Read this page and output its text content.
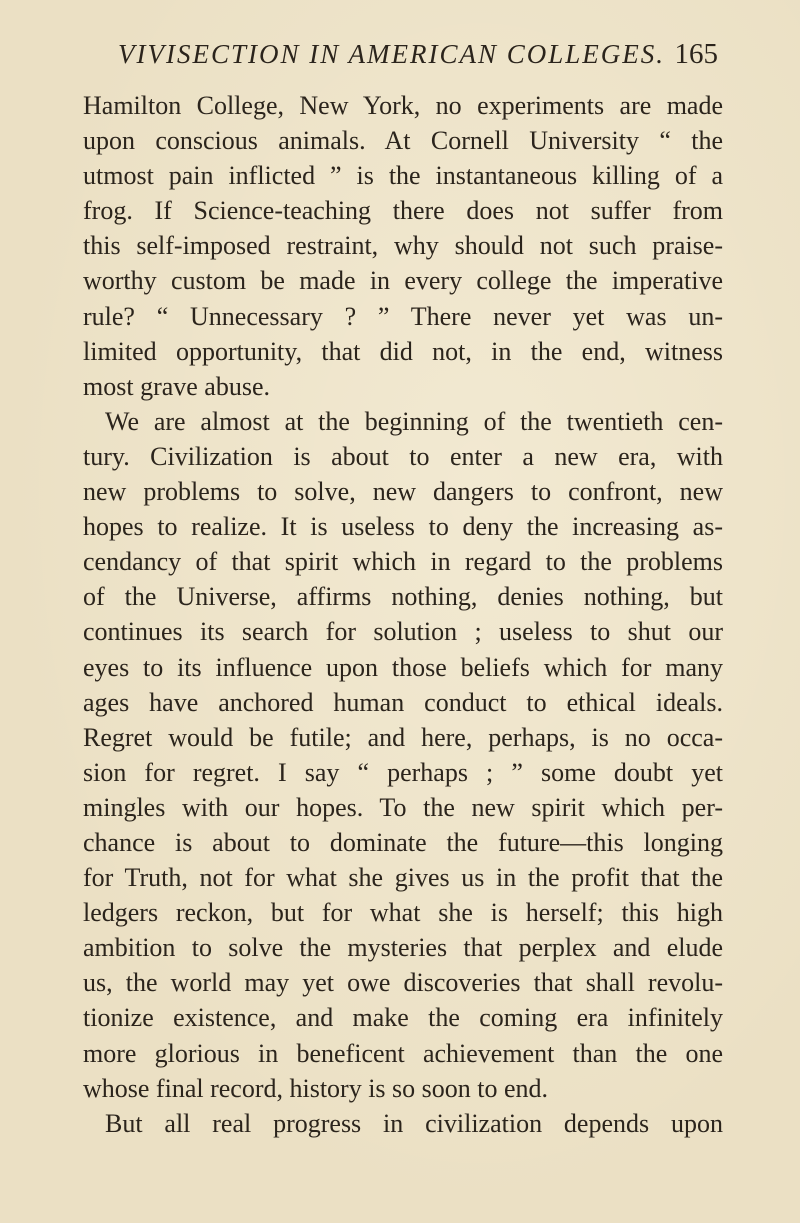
VIVISECTION IN AMERICAN COLLEGES. 165
Hamilton College, New York, no experiments are made
upon conscious animals. At Cornell University “ the
utmost pain inflicted ” is the instantaneous killing of a
frog. If Science-teaching there does not suffer from
this self-imposed restraint, why should not such praise-
worthy custom be made in every college the imperative
rule? “ Unnecessary ? ” There never yet was un-
limited opportunity, that did not, in the end, witness
most grave abuse.
We are almost at the beginning of the twentieth cen-
tury. Civilization is about to enter a new era, with
new problems to solve, new dangers to confront, new
hopes to realize. It is useless to deny the increasing as-
cendancy of that spirit which in regard to the problems
of the Universe, affirms nothing, denies nothing, but
continues its search for solution ; useless to shut our
eyes to its influence upon those beliefs which for many
ages have anchored human conduct to ethical ideals.
Regret would be futile; and here, perhaps, is no occa-
sion for regret. I say “ perhaps ; ” some doubt yet
mingles with our hopes. To the new spirit which per-
chance is about to dominate the future—this longing
for Truth, not for what she gives us in the profit that the
ledgers reckon, but for what she is herself; this high
ambition to solve the mysteries that perplex and elude
us, the world may yet owe discoveries that shall revolu-
tionize existence, and make the coming era infinitely
more glorious in beneficent achievement than the one
whose final record, history is so soon to end.
But all real progress in civilization depends upon
